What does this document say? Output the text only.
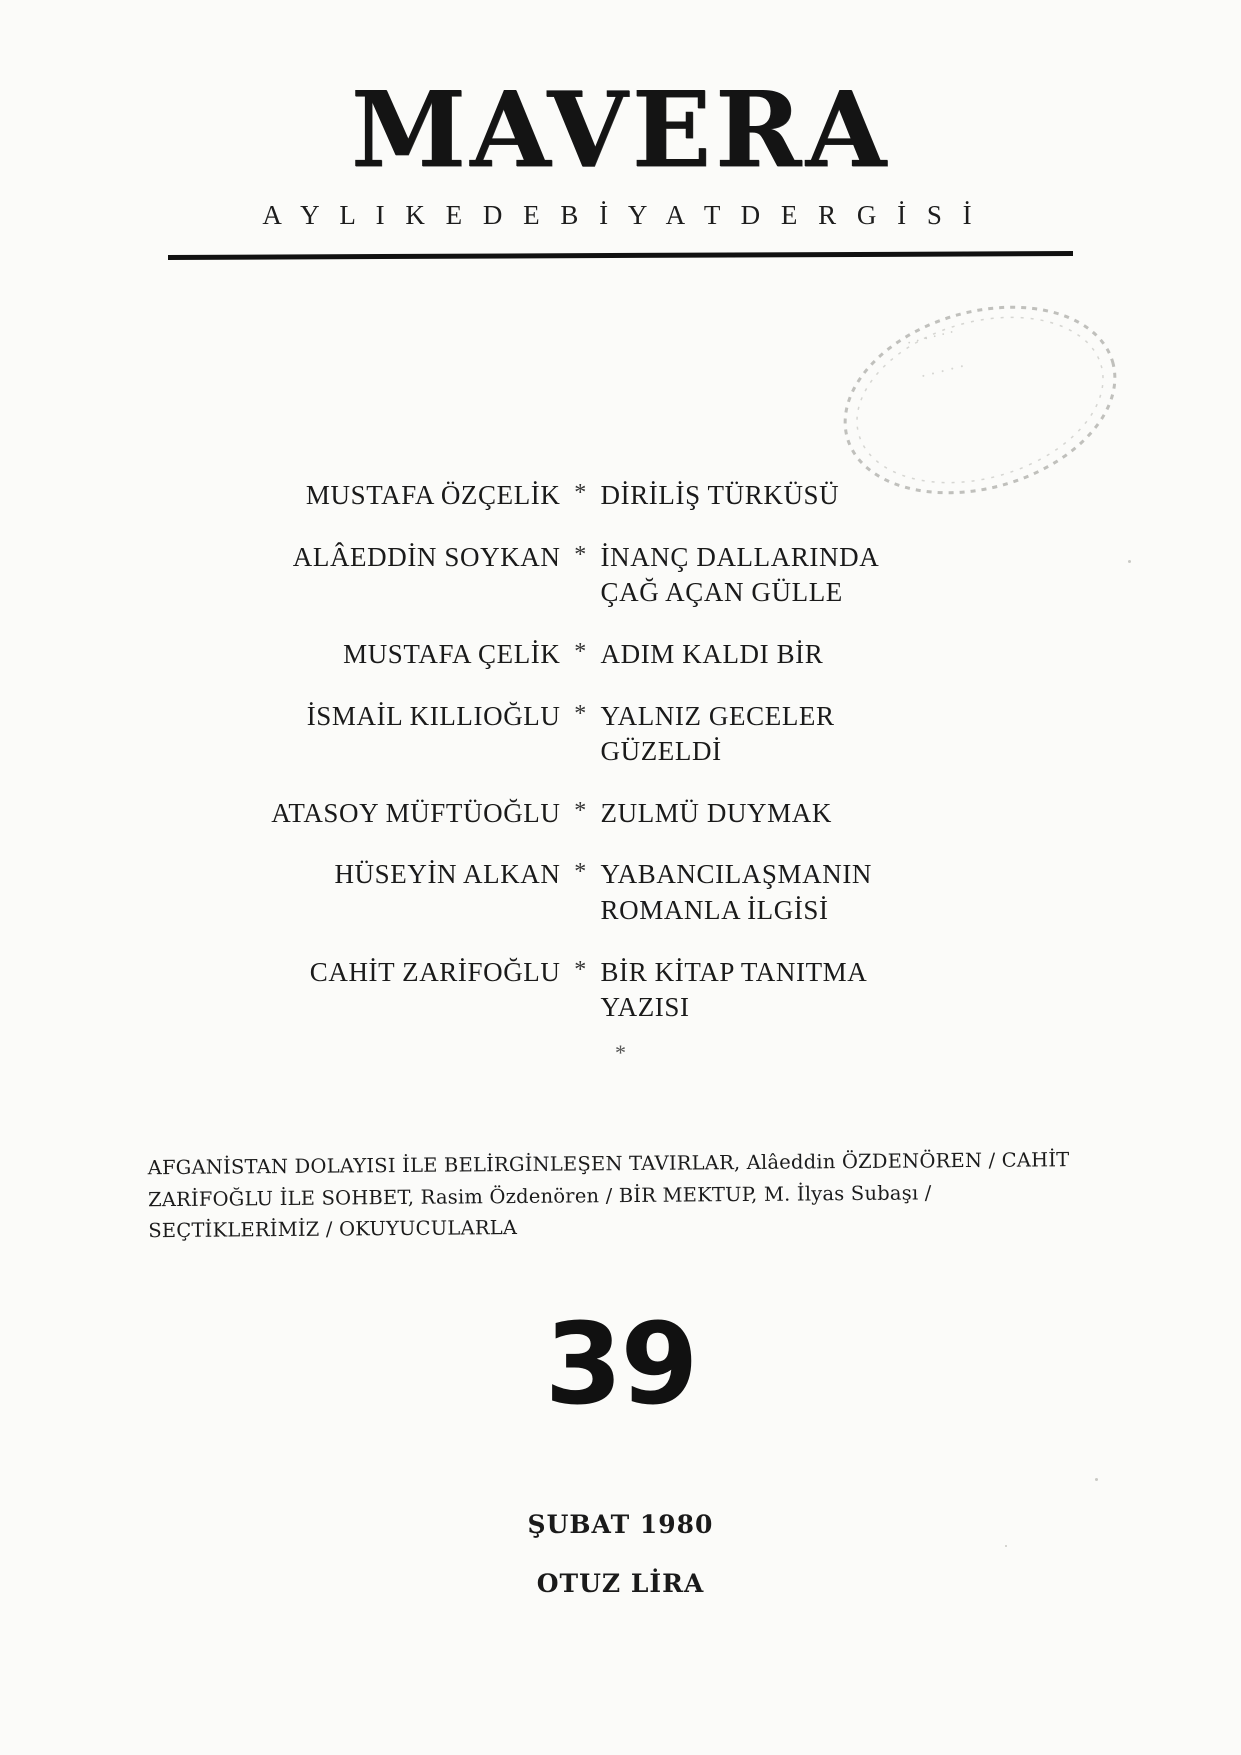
MAVERA
A Y L I K E D E B İ Y A T D E R G İ S İ
· · · · · ·
· · · · ·
MUSTAFA ÖZÇELİK	*	DİRİLİŞ TÜRKÜSÜ
ALÂEDDİN SOYKAN	*	İNANÇ DALLARINDA
ÇAĞ AÇAN GÜLLE

MUSTAFA ÇELİK	*	ADIM KALDI BİR
İSMAİL KILLIOĞLU	*	YALNIZ GECELER
GÜZELDİ

ATASOY MÜFTÜOĞLU	*	ZULMÜ DUYMAK
HÜSEYİN ALKAN	*	YABANCILAŞMANIN
ROMANLA İLGİSİ

CAHİT ZARİFOĞLU	*	BİR KİTAP TANITMA
YAZISI
*
AFGANİSTAN DOLAYISI İLE BELİRGİNLEŞEN TAVIRLAR, Alâeddin ÖZDENÖREN / CAHİT ZARİFOĞLU İLE SOHBET, Rasim Özdenören / BİR MEKTUP, M. İlyas Subaşı / SEÇTİKLERİMİZ / OKUYUCULARLA
39
ŞUBAT 1980
OTUZ LİRA
